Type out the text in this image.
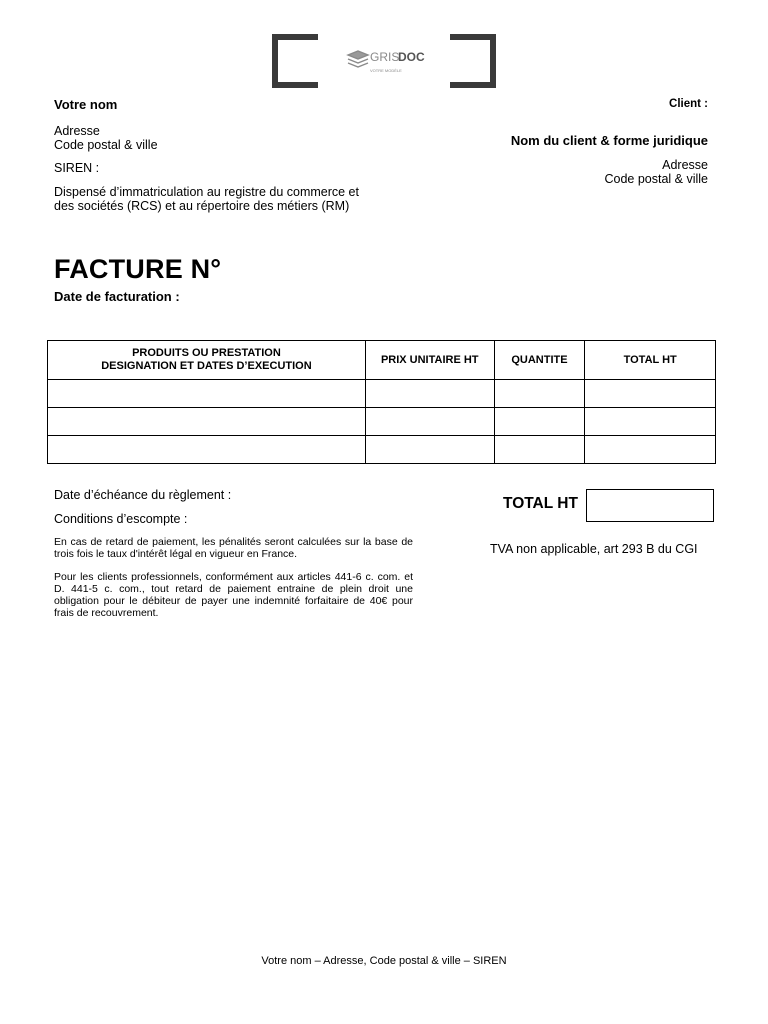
GRIS
DOC
VOTRE MODÈLE
Votre nom
Adresse
Code postal & ville
SIREN :
Dispensé d’immatriculation au registre du commerce et
des sociétés (RCS) et au répertoire des métiers (RM)
Client :
Nom du client & forme juridique
Adresse
Code postal & ville
FACTURE N°
Date de facturation :
PRODUITS OU PRESTATION
DESIGNATION ET DATES D’EXECUTION	PRIX UNITAIRE HT	QUANTITE	TOTAL HT

Date d’échéance du règlement :
Conditions d’escompte :
En cas de retard de paiement, les pénalités seront calculées sur la base de trois fois le taux d'intérêt légal en vigueur en France.
Pour les clients professionnels, conformément aux articles 441-6 c. com. et D. 441-5 c. com., tout retard de paiement entraine de plein droit une obligation pour le débiteur de payer une indemnité forfaitaire de 40€ pour frais de recouvrement.
TOTAL HT
TVA non applicable, art 293 B du CGI
Votre nom – Adresse, Code postal & ville – SIREN
